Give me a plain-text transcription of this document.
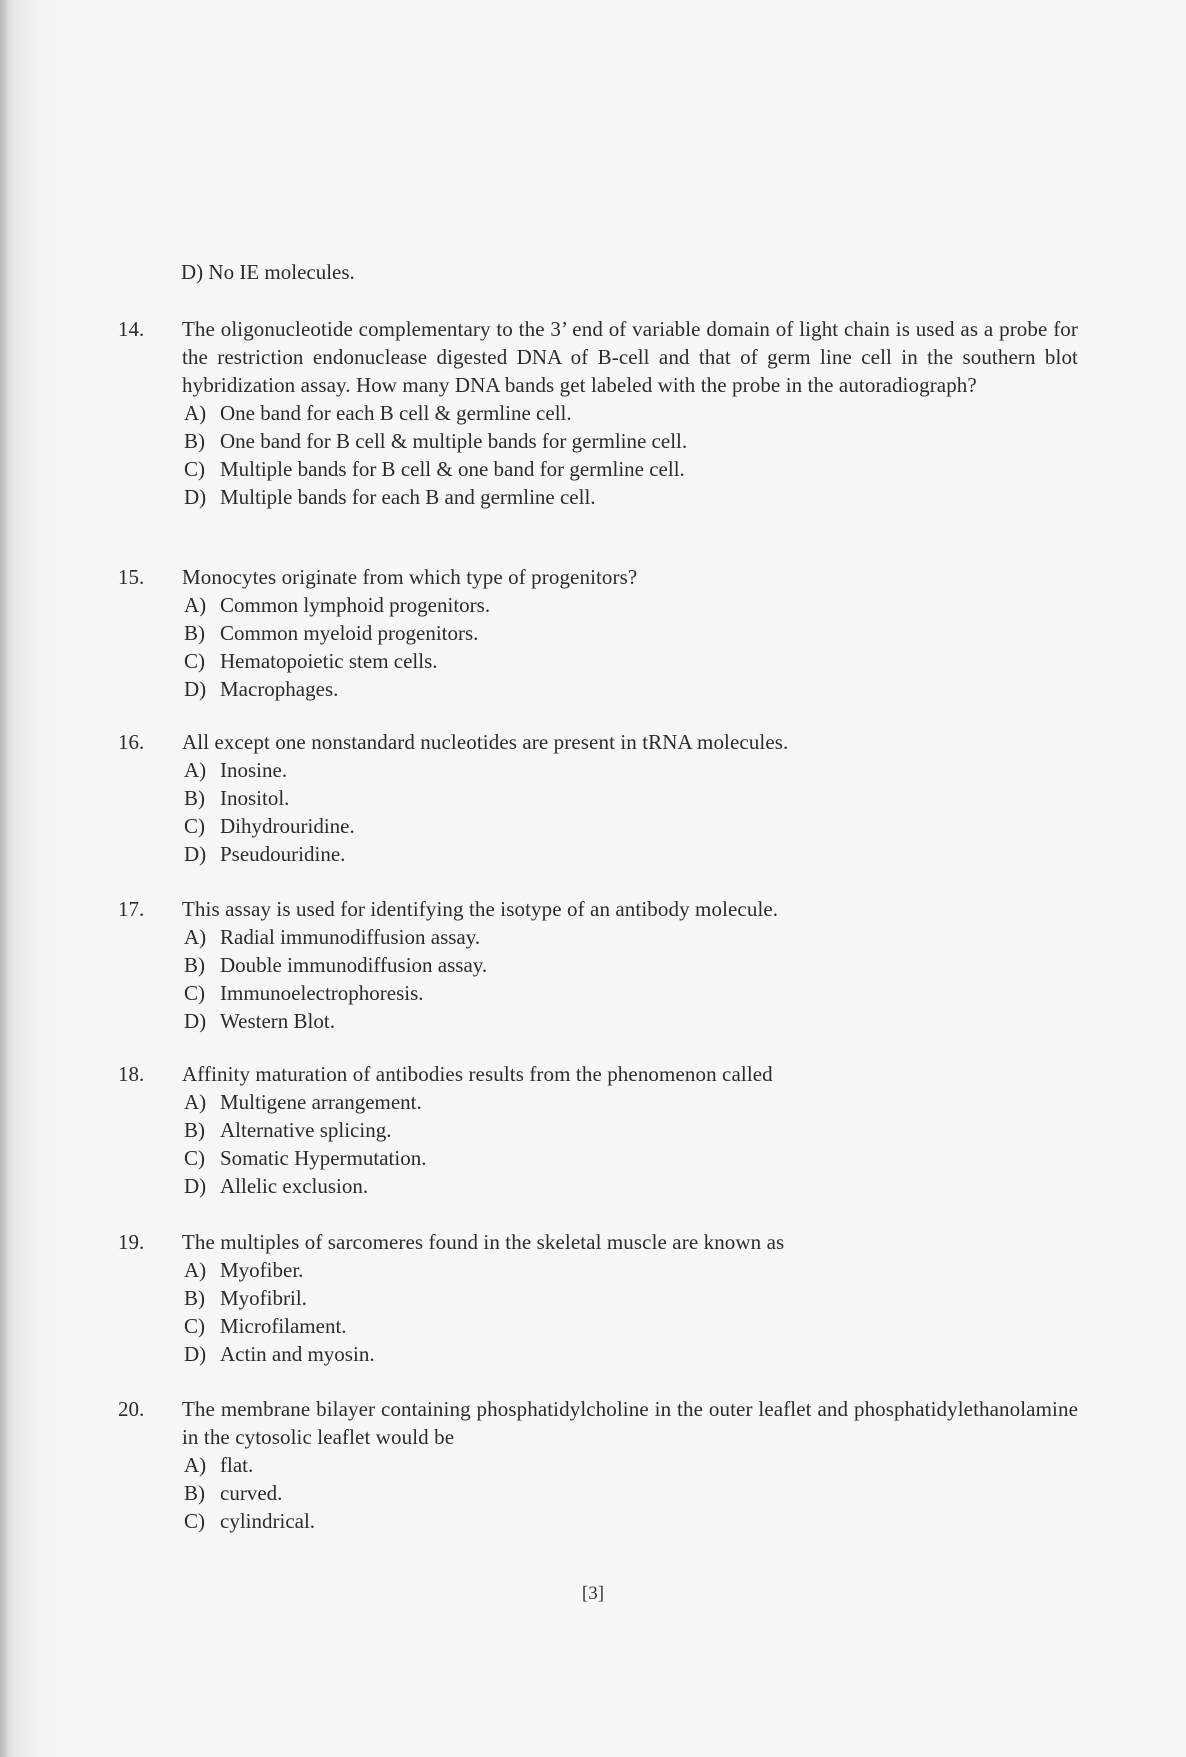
D) No IE molecules.
14.	The oligonucleotide complementary to the 3’ end of variable domain of light chain is used as a probe for the restriction endonuclease digested DNA of B-cell and that of germ line cell in the southern blot hybridization assay. How many DNA bands get labeled with the probe in the autoradiograph?

A) One band for each B cell & germline cell.
B) One band for B cell & multiple bands for germline cell.
C) Multiple bands for B cell & one band for germline cell.
D) Multiple bands for each B and germline cell.
15.	Monocytes originate from which type of progenitors?

A) Common lymphoid progenitors.
B) Common myeloid progenitors.
C) Hematopoietic stem cells.
D) Macrophages.
16.	All except one nonstandard nucleotides are present in tRNA molecules.

A) Inosine.
B) Inositol.
C) Dihydrouridine.
D) Pseudouridine.
17.	This assay is used for identifying the isotype of an antibody molecule.

A) Radial immunodiffusion assay.
B) Double immunodiffusion assay.
C) Immunoelectrophoresis.
D) Western Blot.
18.	Affinity maturation of antibodies results from the phenomenon called

A) Multigene arrangement.
B) Alternative splicing.
C) Somatic Hypermutation.
D) Allelic exclusion.
19.	The multiples of sarcomeres found in the skeletal muscle are known as

A) Myofiber.
B) Myofibril.
C) Microfilament.
D) Actin and myosin.
20.	The membrane bilayer containing phosphatidylcholine in the outer leaflet and phosphatidylethanolamine in the cytosolic leaflet would be

A) flat.
B) curved.
C) cylindrical.
[3]
